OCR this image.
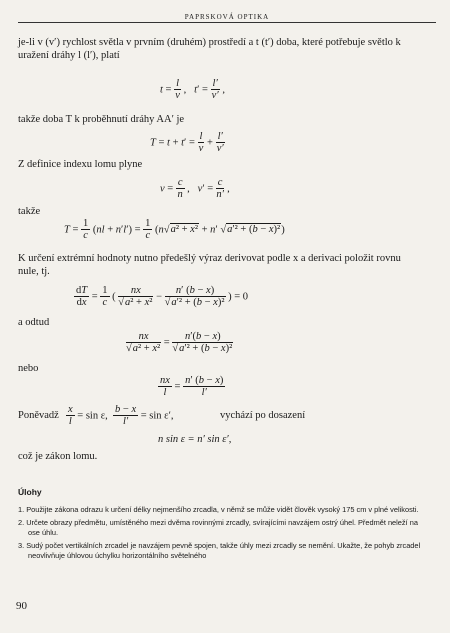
PAPRSKOVÁ OPTIKA

je-li v (v′) rychlost světla v prvním (druhém) prostředí a t (t′) doba, které potřebuje světlo k uražení dráhy l (l′), platí

$t = \frac{l}{v}$ ,   $t' = \frac{l'}{v'}$ ,

takže doba T k proběhnutí dráhy AA′ je

$T = t + t' = \frac{l}{v} + \frac{l'}{v'}$

Z definice indexu lomu plyne

$v = \frac{c}{n}$ ,   $v' = \frac{c}{n'}$ ,

takže

$T = \frac{1}{c} (nl + n'l') = \frac{1}{c} (n√a^2 + x^2 + n'$ √a′² + (b − x)²)

K určení extrémní hodnoty nutno předešlý výraz derivovat podle x a derivaci položit rovnu nule, tj.

$\frac{dT}{dx} = \frac{1}{c}$ ( $\frac{nx}{\text{√a² + x²}} - \frac{n' (b - x)}{\text{√a′² + (b − x)²}}$ ) = 0

a odtud

$\frac{nx}{\text{√a² + x²}} = \frac{n'(b - x)}{\text{√a′² + (b − x)²}}$

nebo

$\frac{nx}{l} = \frac{n' (b - x)}{l'}$
Poněvadž $\frac{x}{l} = \sin \varepsilon$, $\frac{b - x}{l'} = \sin \varepsilon'$,	vychází po dosazení
n sin ε = n′ sin ε′,

což je zákon lomu.

Úlohy
1. Použijte zákona odrazu k určení délky nejmenšího zrcadla, v němž se může vidět člověk vysoký 175 cm v plné velikosti.
2. Určete obrazy předmětu, umístěného mezi dvěma rovinnými zrcadly, svírajícími navzájem ostrý úhel. Předmět neleží na ose úhlu.
3. Sudý počet vertikálních zrcadel je navzájem pevně spojen, takže úhly mezi zrcadly se nemění. Ukažte, že pohyb zrcadel neovlivňuje úhlovou úchylku horizontálního světelného
90
